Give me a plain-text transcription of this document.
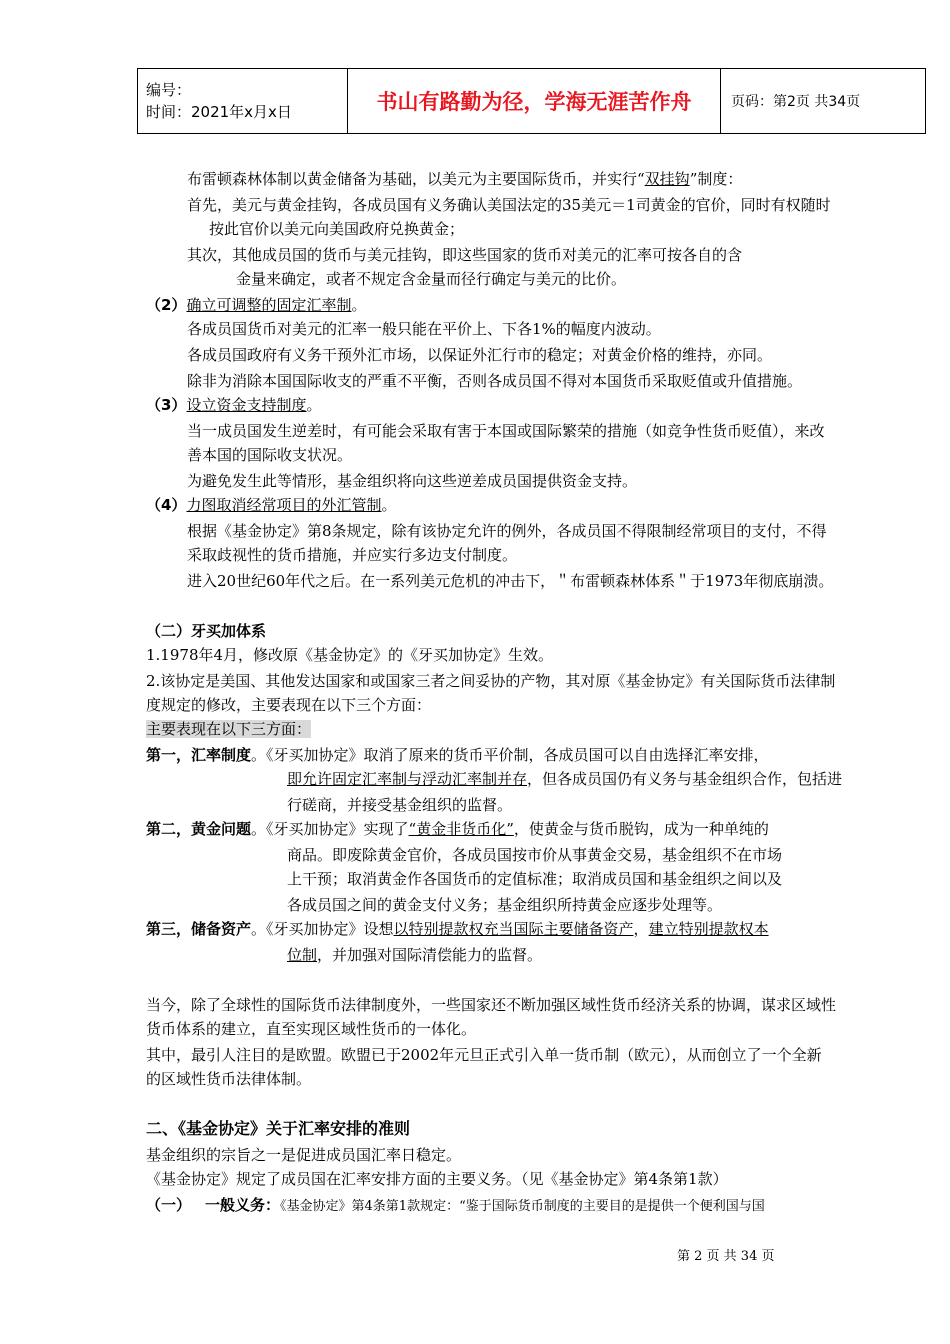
编号：
时间：2021年x月x日	书山有路勤为径，学海无涯苦作舟	页码：第2页 共34页
布雷顿森林体制以黄金储备为基础，以美元为主要国际货币，并实行“双挂钩”制度：
首先，美元与黄金挂钩，各成员国有义务确认美国法定的35美元＝1司黄金的官价，同时有权随时
按此官价以美元向美国政府兑换黄金；
其次，其他成员国的货币与美元挂钩，即这些国家的货币对美元的汇率可按各自的含
金量来确定，或者不规定含金量而径行确定与美元的比价。
（2）确立可调整的固定汇率制。
各成员国货币对美元的汇率一般只能在平价上、下各1%的幅度内波动。
各成员国政府有义务干预外汇市场，以保证外汇行市的稳定；对黄金价格的维持，亦同。
除非为消除本国国际收支的严重不平衡，否则各成员国不得对本国货币采取贬值或升值措施。
（3）设立资金支持制度。
当一成员国发生逆差时，有可能会采取有害于本国或国际繁荣的措施（如竞争性货币贬值），来改
善本国的国际收支状况。
为避免发生此等情形，基金组织将向这些逆差成员国提供资金支持。
（4）力图取消经常项目的外汇管制。
根据《基金协定》第8条规定，除有该协定允许的例外，各成员国不得限制经常项目的支付，不得
采取歧视性的货币措施，并应实行多边支付制度。
进入20世纪60年代之后。在一系列美元危机的冲击下，＂布雷顿森林体系＂于1973年彻底崩溃。
（二）牙买加体系
1.1978年4月，修改原《基金协定》的《牙买加协定》生效。
2.该协定是美国、其他发达国家和或国家三者之间妥协的产物，其对原《基金协定》有关国际货币法律制
度规定的修改，主要表现在以下三个方面：
主要表现在以下三方面：
第一，汇率制度。《牙买加协定》取消了原来的货币平价制，各成员国可以自由选择汇率安排，
即允许固定汇率制与浮动汇率制并存，但各成员国仍有义务与基金组织合作，包括进
行磋商，并接受基金组织的监督。
第二，黄金问题。《牙买加协定》实现了“黄金非货币化”，使黄金与货币脱钩，成为一种单纯的
商品。即废除黄金官价，各成员国按市价从事黄金交易，基金组织不在市场
上干预；取消黄金作各国货币的定值标准；取消成员国和基金组织之间以及
各成员国之间的黄金支付义务；基金组织所持黄金应逐步处理等。
第三，储备资产。《牙买加协定》设想以特别提款权充当国际主要储备资产，建立特别提款权本
位制，并加强对国际清偿能力的监督。
当今，除了全球性的国际货币法律制度外，一些国家还不断加强区域性货币经济关系的协调，谋求区域性
货币体系的建立，直至实现区域性货币的一体化。
其中，最引人注目的是欧盟。欧盟已于2002年元旦正式引入单一货币制（欧元），从而创立了一个全新
的区域性货币法律体制。
二、《基金协定》关于汇率安排的准则
基金组织的宗旨之一是促进成员国汇率日稳定。
《基金协定》规定了成员国在汇率安排方面的主要义务。（见《基金协定》第4条第1款）
（一） 一般义务：《基金协定》第4条第1款规定：“鉴于国际货币制度的主要目的是提供一个便利国与国
第 2 页 共 34 页
